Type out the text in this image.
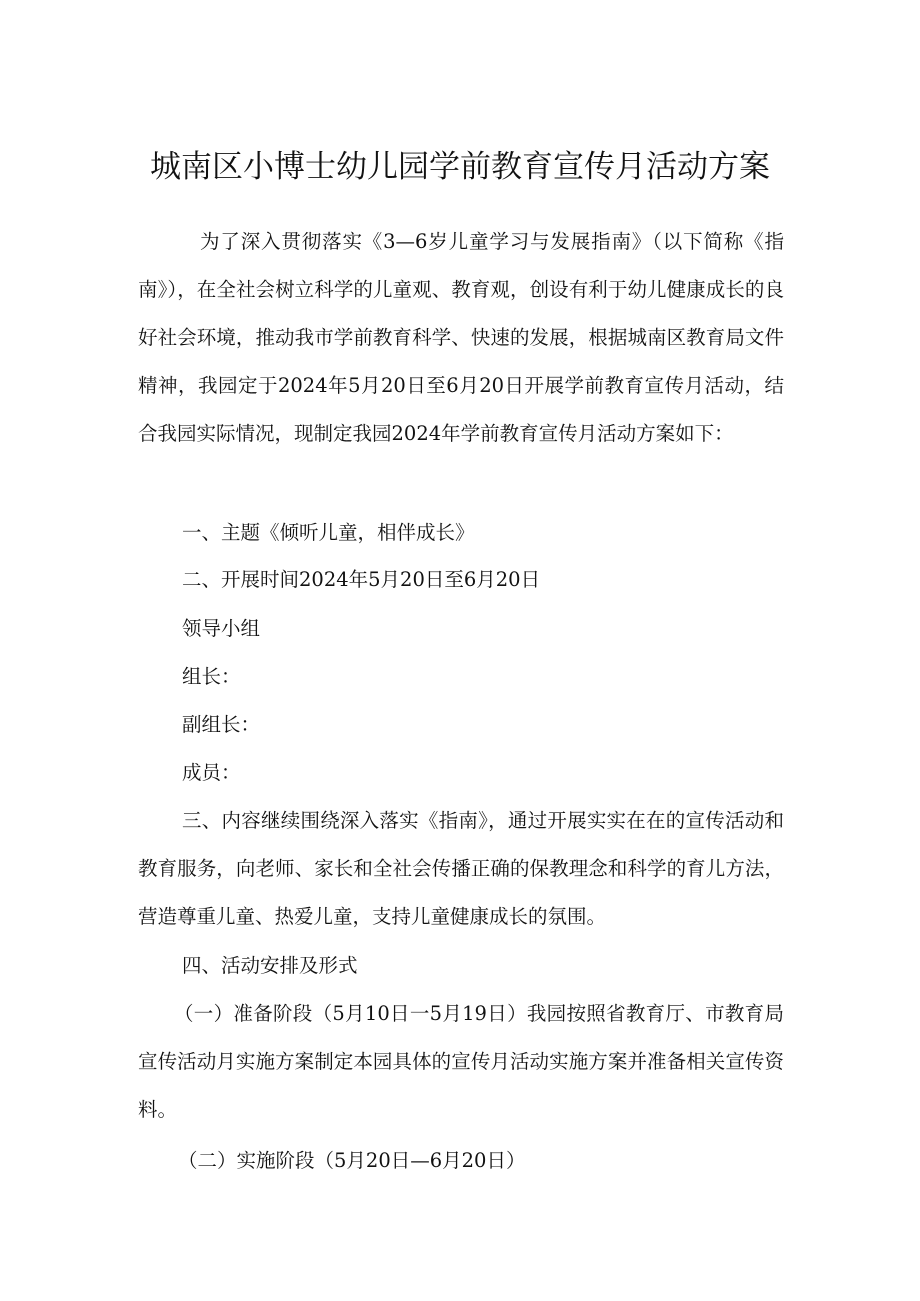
城南区小博士幼儿园学前教育宣传月活动方案

为了深入贯彻落实《3—6岁儿童学习与发展指南》（以下简称《指南》），在全社会树立科学的儿童观、教育观，创设有利于幼儿健康成长的良好社会环境，推动我市学前教育科学、快速的发展，根据城南区教育局文件精神，我园定于2024年5月20日至6月20日开展学前教育宣传月活动，结合我园实际情况，现制定我园2024年学前教育宣传月活动方案如下：

一、主题《倾听儿童，相伴成长》
二、开展时间2024年5月20日至6月20日
领导小组
组长：
副组长：
成员：

三、内容继续围绕深入落实《指南》，通过开展实实在在的宣传活动和教育服务，向老师、家长和全社会传播正确的保教理念和科学的育儿方法，营造尊重儿童、热爱儿童，支持儿童健康成长的氛围。

四、活动安排及形式

（一）准备阶段（5月10日一5月19日）我园按照省教育厅、市教育局宣传活动月实施方案制定本园具体的宣传月活动实施方案并准备相关宣传资料。

（二）实施阶段（5月20日—6月20日）
